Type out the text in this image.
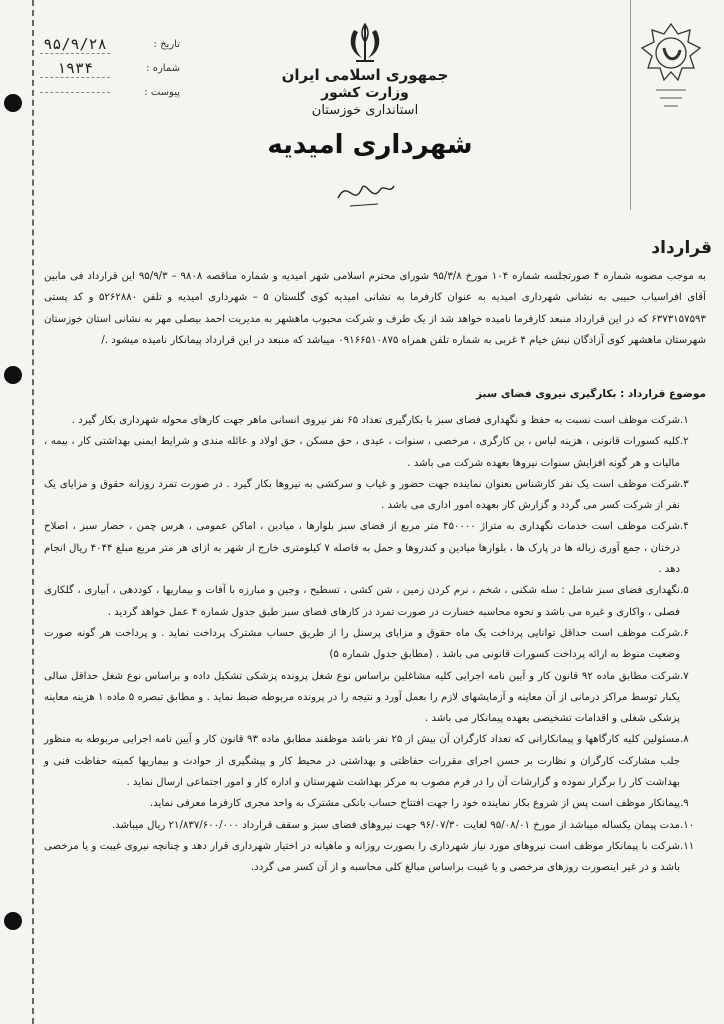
تاریخ :
۹۵/۹/۲۸
شماره :
۱۹۳۴
پیوست :
جمهوری اسلامی ایران
وزارت کشور
استانداری خوزستان
شهرداری امیدیه
قرارداد
به موجب مصوبه شماره ۴ صورتجلسه شماره ۱۰۴ مورخ ۹۵/۳/۸ شورای محترم اسلامی شهر امیدیه و شماره مناقصه ۹۸۰۸ – ۹۵/۹/۳ این قرارداد فی مابین آقای افراسیاب حبیبی به نشانی شهرداری امیدیه به عنوان کارفرما به نشانی امیدیه کوی گلستان ۵ – شهرداری امیدیه و تلفن ۵۲۶۲۸۸۰ و کد پستی ۶۳۷۳۱۵۷۵۹۳ که در این قرارداد منبعد کارفرما نامیده خواهد شد از یک طرف و شرکت محبوب ماهشهر به مدیریت احمد بیصلی مهر به نشانی استان خوزستان شهرستان ماهشهر کوی آزادگان نبش خیام ۴ غربی به شماره تلفن همراه ۰۹۱۶۶۵۱۰۸۷۵ میباشد که منبعد در این قرارداد پیمانکار نامیده میشود ./
موضوع قرارداد : بکارگیری نیروی فضای سبز
۱.
شرکت موظف است نسبت به حفظ و نگهداری فضای سبز با بکارگیری تعداد ۶۵ نفر نیروی انسانی ماهر جهت کارهای محوله شهرداری بکار گیرد .
۲.
کلیه کسورات قانونی ، هزینه لباس ، بن کارگری ، مرخصی ، سنوات ، عیدی ، حق مسکن ، حق اولاد و عائله مندی و شرایط ایمنی بهداشتی کار ، بیمه ، مالیات و هر گونه افزایش سنوات نیروها بعهده شرکت می باشد .
۳.
شرکت موظف است یک نفر کارشناس بعنوان نماینده جهت حضور و غیاب و سرکشی به نیروها بکار گیرد . در صورت تمرد روزانه حقوق و مزایای یک نفر از شرکت کسر می گردد و گزارش کار بعهده امور اداری می باشد .
۴.
شرکت موظف است خدمات نگهداری به متراژ ۴۵۰۰۰۰ متر مربع از فضای سبز بلوارها ، میادین ، اماکن عمومی ، هرس چمن ، حصار سبز ، اصلاح درختان ، جمع آوری زباله ها در پارک ها ، بلوارها میادین و کندروها و حمل به فاصله ۷ کیلومتری خارج از شهر به ازای هر متر مربع مبلغ ۴۰۴۴ ریال انجام دهد .
۵.
نگهداری فضای سبز شامل : سله شکنی ، شخم ، نرم کردن زمین ، شن کشی ، تسطیح ، وجین و مبارزه با آفات و بیماریها ، کوددهی ، آبیاری ، گلکاری فصلی ، واکاری و غیره می باشد و نحوه محاسبه خسارت در صورت تمرد در کارهای فضای سبز طبق جدول شماره ۴ عمل خواهد گردید .
۶.
شرکت موظف است حداقل توانایی پرداخت یک ماه حقوق و مزایای پرسنل را از طریق حساب مشترک پرداخت نماید . و پرداخت هر گونه صورت وضعیت منوط به ارائه پرداخت کسورات قانونی می باشد . (مطابق جدول شماره ۵)
۷.
شرکت مطابق ماده ۹۲ قانون کار و آیین نامه اجرایی کلیه مشاغلین براساس نوع شغل پرونده پزشکی تشکیل داده و براساس نوع شغل حداقل سالی یکبار توسط مراکز درمانی از آن معاینه و آزمایشهای لازم را بعمل آورد و نتیجه را در پرونده مربوطه ضبط نماید . و مطابق تبصره ۵ ماده ۱ هزینه معاینه پزشکی شغلی و اقدامات تشخیصی بعهده پیمانکار می باشد .
۸.
مسئولین کلیه کارگاهها و پیمانکارانی که تعداد کارگران آن بیش از ۲۵ نفر باشد موظفند مطابق ماده ۹۳ قانون کار و آیین نامه اجرایی مربوطه به منظور جلب مشارکت کارگران و نظارت بر حسن اجرای مقررات حفاظتی و بهداشتی در محیط کار و پیشگیری از حوادث و بیماریها کمیته حفاظت فنی و بهداشت کار را برگزار نموده و گزارشات آن را در فرم مصوب به مرکز بهداشت شهرستان و اداره کار و امور اجتماعی ارسال نماید .
۹.
پیمانکار موظف است پس از شروع بکار نماینده خود را جهت افتتاح حساب بانکی مشترک به واحد مجری کارفرما معرفی نماید.
۱۰.
مدت پیمان یکساله میباشد از مورخ ۹۵/۰۸/۰۱ لغایت ۹۶/۰۷/۳۰ جهت نیروهای فضای سبز و سقف قرارداد ۲۱/۸۳۷/۶۰۰/۰۰۰ ریال میباشد.
۱۱.
شرکت با پیمانکار موظف است نیروهای مورد نیاز شهرداری را بصورت روزانه و ماهیانه در اختیار شهرداری قرار دهد و چنانچه نیروی غیبت و یا مرخصی باشد و در غیر اینصورت روزهای مرخصی و یا غیبت براساس مبالغ کلی محاسبه و از آن کسر می گردد.
